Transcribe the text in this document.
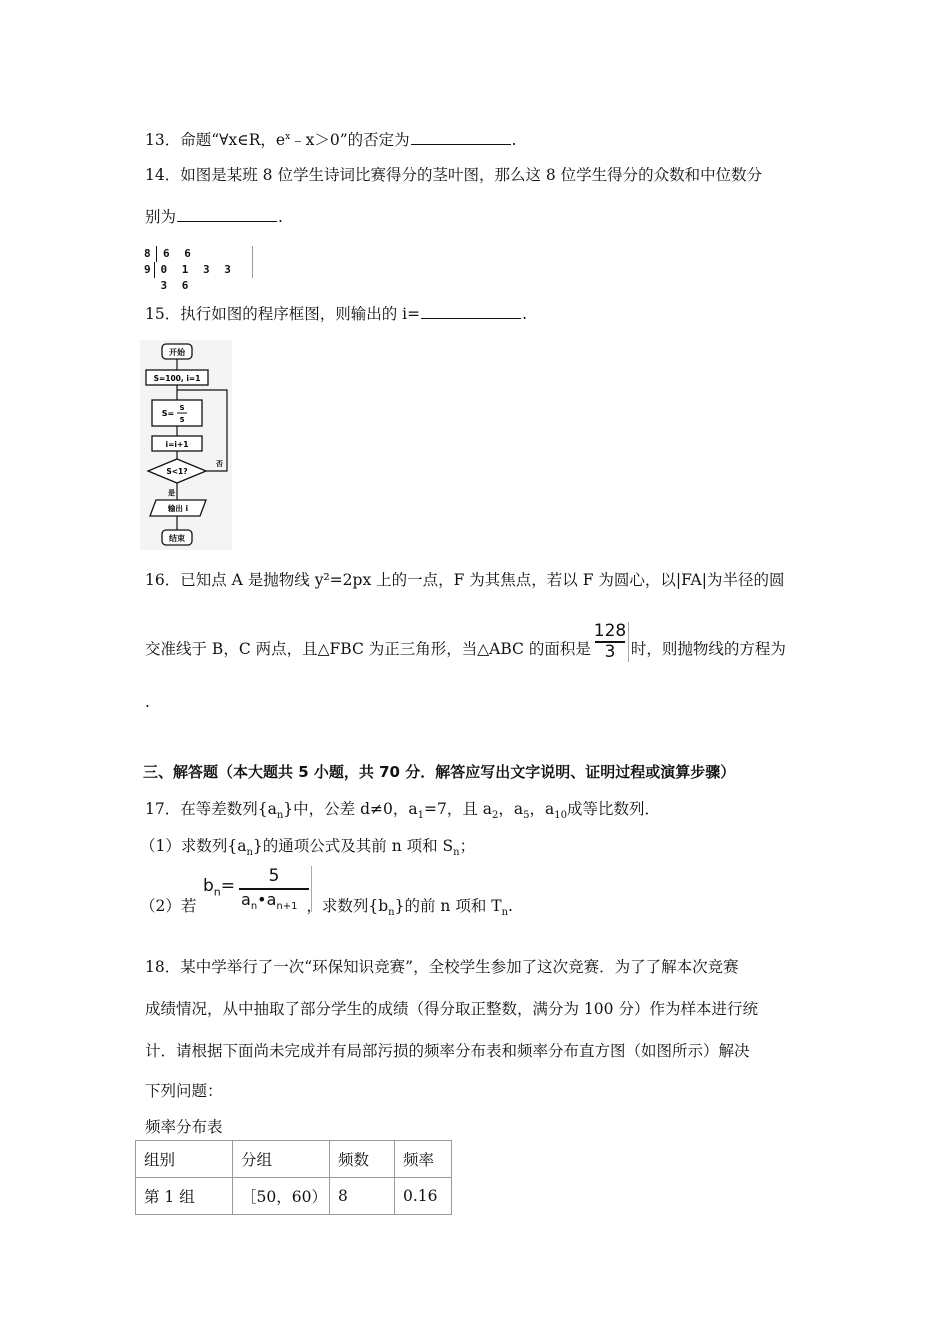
13．命题“∀x∈R，$e^x﹣x>0$”的否定为	.
14．如图是某班 8 位学生诗词比赛得分的茎叶图，那么这 8 位学生得分的众数和中位数分
别为	.
8	6 6
9 0 1 3 3 3 6
15．执行如图的程序框图，则输出的 i=	.
开始
S=100, i=1
S=
S
5
i=i+1
S<1?
否
是
输出 i
结束
16．已知点 A 是抛物线 y²=2px 上的一点，F 为其焦点，若以 F 为圆心，以|FA|为半径的圆
交准线于 B，C 两点，且△FBC 为正三角形，当△ABC 的面积是	时，则抛物线的方程为
128
3
.
三、解答题（本大题共 5 小题，共 70 分．解答应写出文字说明、证明过程或演算步骤）
17．在等差数列$\{a_n\}$中，公差 d≠0，$a_1=7$，且 $a_2$，$a_5$，$a_{10}$成等比数列．
（1）求数列$\{a_n\}$的通项公式及其前 n 项和 $S_n$；
（2）若	，求数列$\{b_n\}$的前 n 项和 $T_n$.
$b_n=$	5
$a_n•a_{n+1}$
18．某中学举行了一次“环保知识竞赛”，全校学生参加了这次竞赛．为了了解本次竞赛
成绩情况，从中抽取了部分学生的成绩（得分取正整数，满分为 100 分）作为样本进行统
计．请根据下面尚未完成并有局部污损的频率分布表和频率分布直方图（如图所示）解决
下列问题：
频率分布表
组别	分组	频数	频率
第 1 组	［50，60）	8	0.16
